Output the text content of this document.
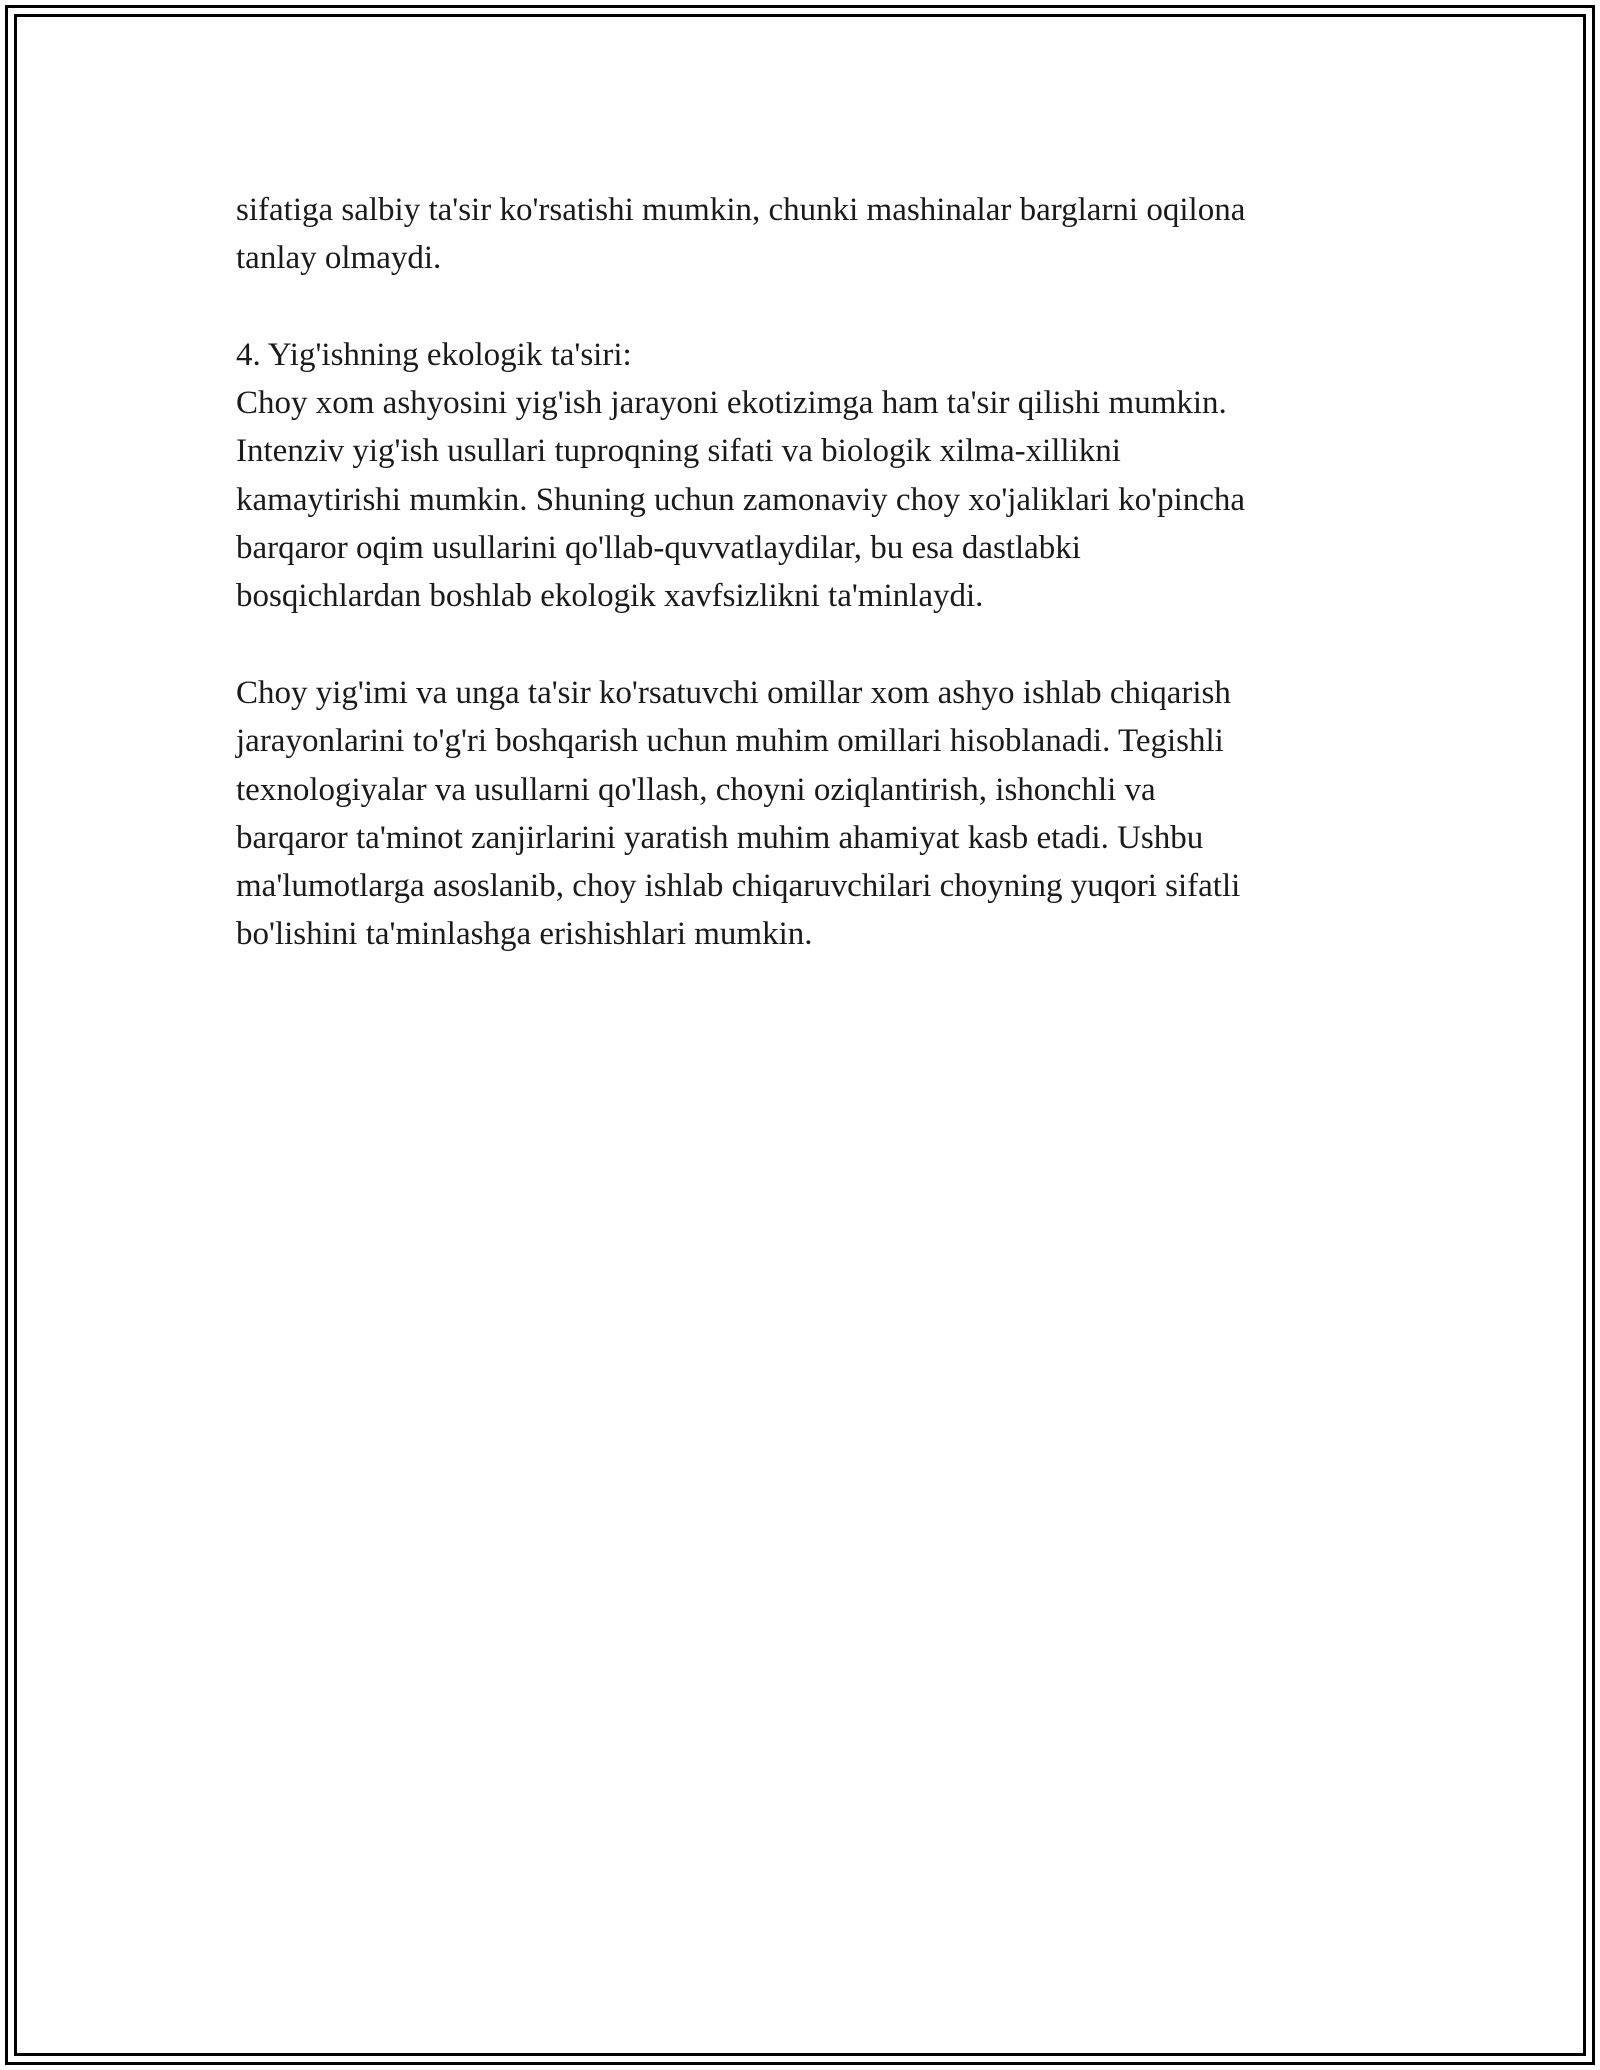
sifatiga salbiy ta'sir ko'rsatishi mumkin, chunki mashinalar barglarni oqilona
tanlay olmaydi.

4. Yig'ishning ekologik ta'siri:
Choy xom ashyosini yig'ish jarayoni ekotizimga ham ta'sir qilishi mumkin.
Intenziv yig'ish usullari tuproqning sifati va biologik xilma-xillikni
kamaytirishi mumkin. Shuning uchun zamonaviy choy xo'jaliklari ko'pincha
barqaror oqim usullarini qo'llab-quvvatlaydilar, bu esa dastlabki
bosqichlardan boshlab ekologik xavfsizlikni ta'minlaydi.

Choy yig'imi va unga ta'sir ko'rsatuvchi omillar xom ashyo ishlab chiqarish
jarayonlarini to'g'ri boshqarish uchun muhim omillari hisoblanadi. Tegishli
texnologiyalar va usullarni qo'llash, choyni oziqlantirish, ishonchli va
barqaror ta'minot zanjirlarini yaratish muhim ahamiyat kasb etadi. Ushbu
ma'lumotlarga asoslanib, choy ishlab chiqaruvchilari choyning yuqori sifatli
bo'lishini ta'minlashga erishishlari mumkin.
